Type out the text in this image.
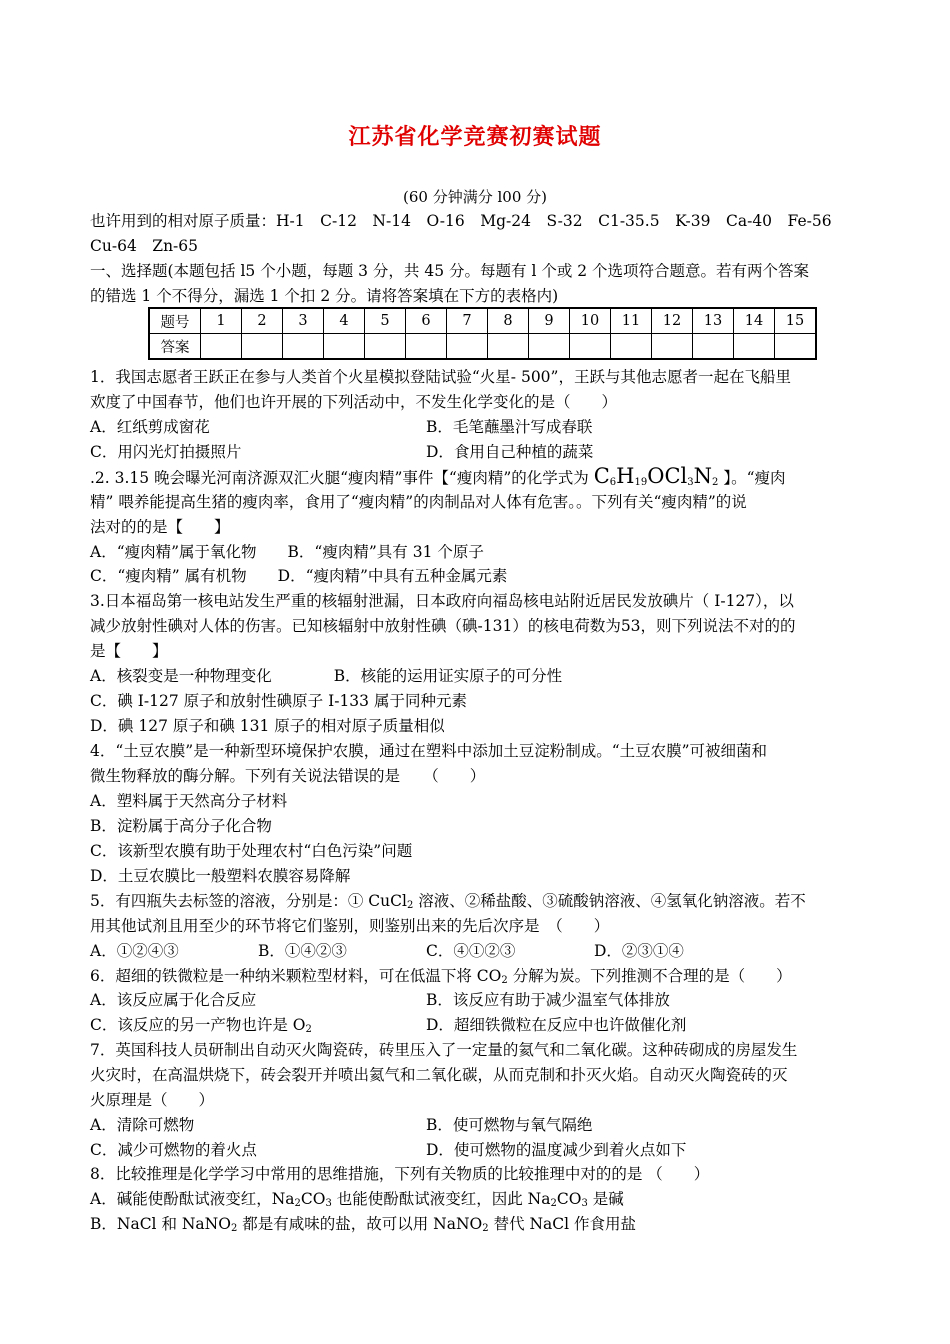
江苏省化学竞赛初赛试题
(60 分钟满分 l00 分)
也许用到的相对原子质量：H-1　C-12　N-14　O-16　Mg-24　S-32　C1-35.5　K-39　Ca-40　Fe-56
Cu-64　Zn-65
一、选择题(本题包括 l5 个小题，每题 3 分，共 45 分。每题有 l 个或 2 个选项符合题意。若有两个答案
的错选 1 个不得分，漏选 1 个扣 2 分。请将答案填在下方的表格内)
题号	1	2	3	4	5	6	7	8	9	10	11	12	13	14	15
答案															
1．我国志愿者王跃正在参与人类首个火星模拟登陆试验“火星- 500”，王跃与其他志愿者一起在飞船里
欢度了中国春节，他们也许开展的下列活动中，不发生化学变化的是（　　）
A．红纸剪成窗花	B．毛笔蘸墨汁写成春联
C．用闪光灯拍摄照片	D．食用自己种植的蔬菜
.2. 3.15 晚会曝光河南济源双汇火腿“瘦肉精”事件【“瘦肉精”的化学式为 $C_6H_{19}OCl_3N_2$ 】。“瘦肉
精” 喂养能提高生猪的瘦肉率，食用了“瘦肉精”的肉制品对人体有危害。。下列有关“瘦肉精”的说
法对的的是【　　】
A．“瘦肉精”属于氧化物　　B．“瘦肉精”具有 31 个原子
C．“瘦肉精” 属有机物　　D．“瘦肉精”中具有五种金属元素
3.日本福岛第一核电站发生严重的核辐射泄漏，日本政府向福岛核电站附近居民发放碘片（ I-127），以
减少放射性碘对人体的伤害。已知核辐射中放射性碘（碘-131）的核电荷数为53，则下列说法不对的的
是【　　】
A．核裂变是一种物理变化　　　　B．核能的运用证实原子的可分性
C．碘 I-127 原子和放射性碘原子 I-133 属于同种元素
D．碘 127 原子和碘 131 原子的相对原子质量相似
4．“土豆农膜”是一种新型环境保护农膜，通过在塑料中添加土豆淀粉制成。“土豆农膜”可被细菌和
微生物释放的酶分解。下列有关说法错误的是　　（　　）
A．塑料属于天然高分子材料
B．淀粉属于高分子化合物
C．该新型农膜有助于处理农村“白色污染”问题
D．土豆农膜比一般塑料农膜容易降解
5．有四瓶失去标签的溶液，分别是：① CuCl$_2$ 溶液、②稀盐酸、③硫酸钠溶液、④氢氧化钠溶液。若不
用其他试剂且用至少的环节将它们鉴别，则鉴别出来的先后次序是　（　　）
A．①②④③	B．①④②③	C．④①②③	D．②③①④
6．超细的铁微粒是一种纳米颗粒型材料，可在低温下将 $CO_2$ 分解为炭。下列推测不合理的是（　　）
A．该反应属于化合反应	B．该反应有助于减少温室气体排放
C．该反应的另一产物也许是 $O_2$	D．超细铁微粒在反应中也许做催化剂
7．英国科技人员研制出自动灭火陶瓷砖，砖里压入了一定量的氦气和二氧化碳。这种砖砌成的房屋发生
火灾时，在高温烘烧下，砖会裂开并喷出氦气和二氧化碳，从而克制和扑灭火焰。自动灭火陶瓷砖的灭
火原理是（　　）
A．清除可燃物	B．使可燃物与氧气隔绝
C．减少可燃物的着火点	D．使可燃物的温度减少到着火点如下
8．比较推理是化学学习中常用的思维措施，下列有关物质的比较推理中对的的是 （　　）
A．碱能使酚酞试液变红，$Na_2CO_3$ 也能使酚酞试液变红，因此 $Na_2CO_3$ 是碱
B．NaCl 和 NaNO$_2$ 都是有咸味的盐，故可以用 NaNO$_2$ 替代 NaCl 作食用盐
